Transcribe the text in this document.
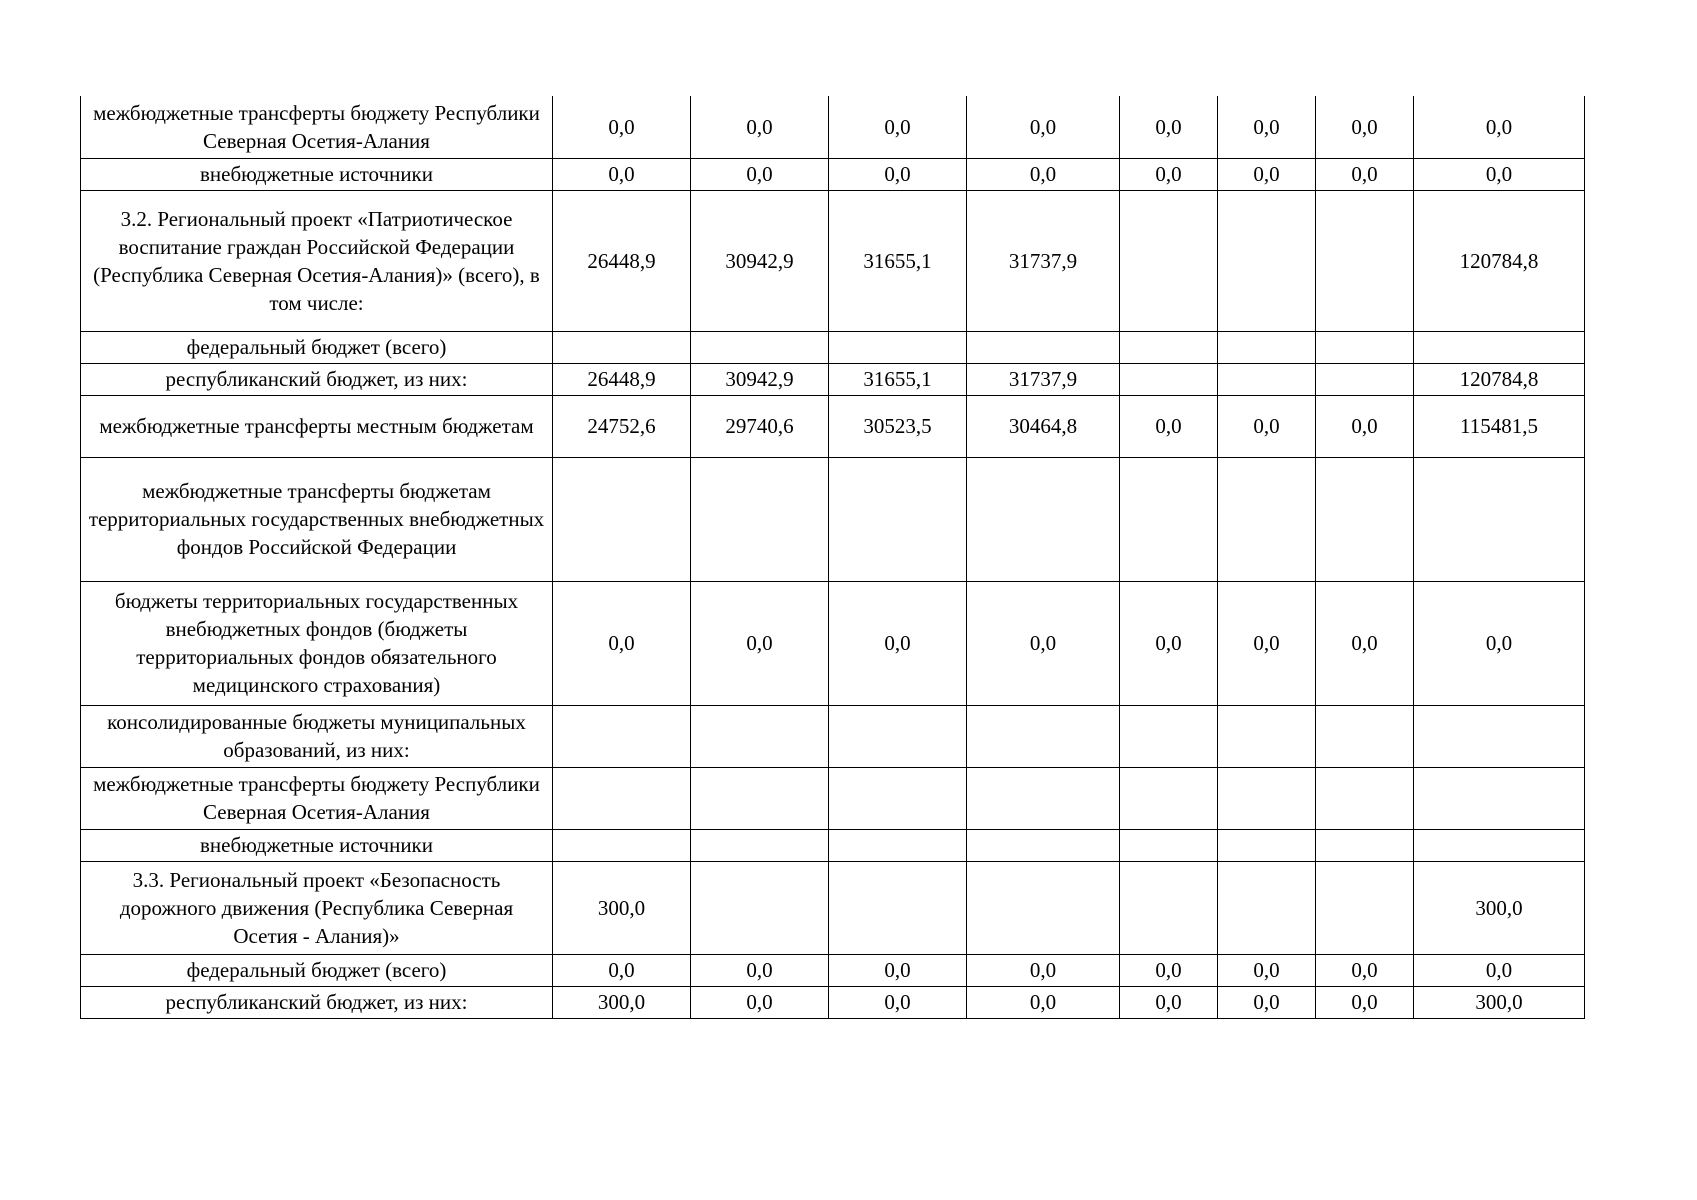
межбюджетные трансферты бюджету Республики Северная Осетия-Алания	0,0	0,0	0,0	0,0	0,0	0,0	0,0	0,0
внебюджетные источники	0,0	0,0	0,0	0,0	0,0	0,0	0,0	0,0
3.2. Региональный проект «Патриотическое воспитание граждан Российской Федерации (Республика Северная Осетия-Алания)» (всего), в том числе:	26448,9	30942,9	31655,1	31737,9				120784,8
федеральный бюджет (всего)								
республиканский бюджет, из них:	26448,9	30942,9	31655,1	31737,9				120784,8
межбюджетные трансферты местным бюджетам	24752,6	29740,6	30523,5	30464,8	0,0	0,0	0,0	115481,5
межбюджетные трансферты бюджетам территориальных государственных внебюджетных фондов Российской Федерации								
бюджеты территориальных государственных внебюджетных фондов (бюджеты территориальных фондов обязательного медицинского страхования)	0,0	0,0	0,0	0,0	0,0	0,0	0,0	0,0
консолидированные бюджеты муниципальных образований, из них:								
межбюджетные трансферты бюджету Республики Северная Осетия-Алания								
внебюджетные источники								
3.3. Региональный проект «Безопасность дорожного движения (Республика Северная Осетия - Алания)»	300,0							300,0
федеральный бюджет (всего)	0,0	0,0	0,0	0,0	0,0	0,0	0,0	0,0
республиканский бюджет, из них:	300,0	0,0	0,0	0,0	0,0	0,0	0,0	300,0
